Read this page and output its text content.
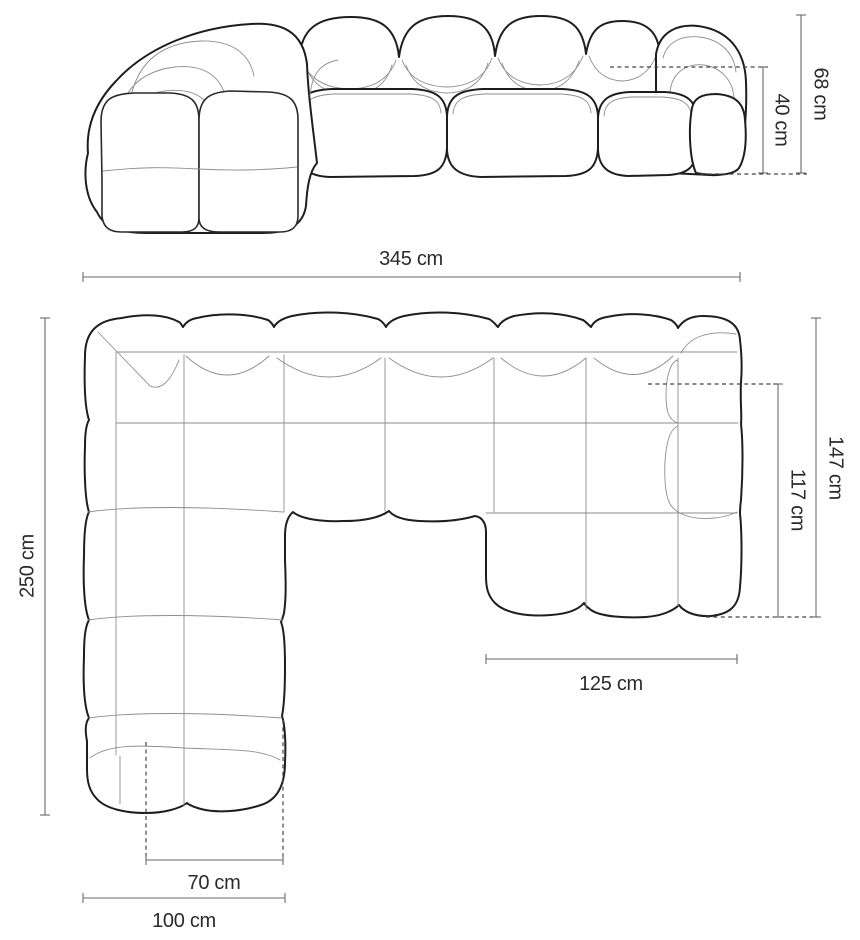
40 cm 68 cm
345 cm
250 cm
147 cm
117 cm
125 cm
70 cm
100 cm
